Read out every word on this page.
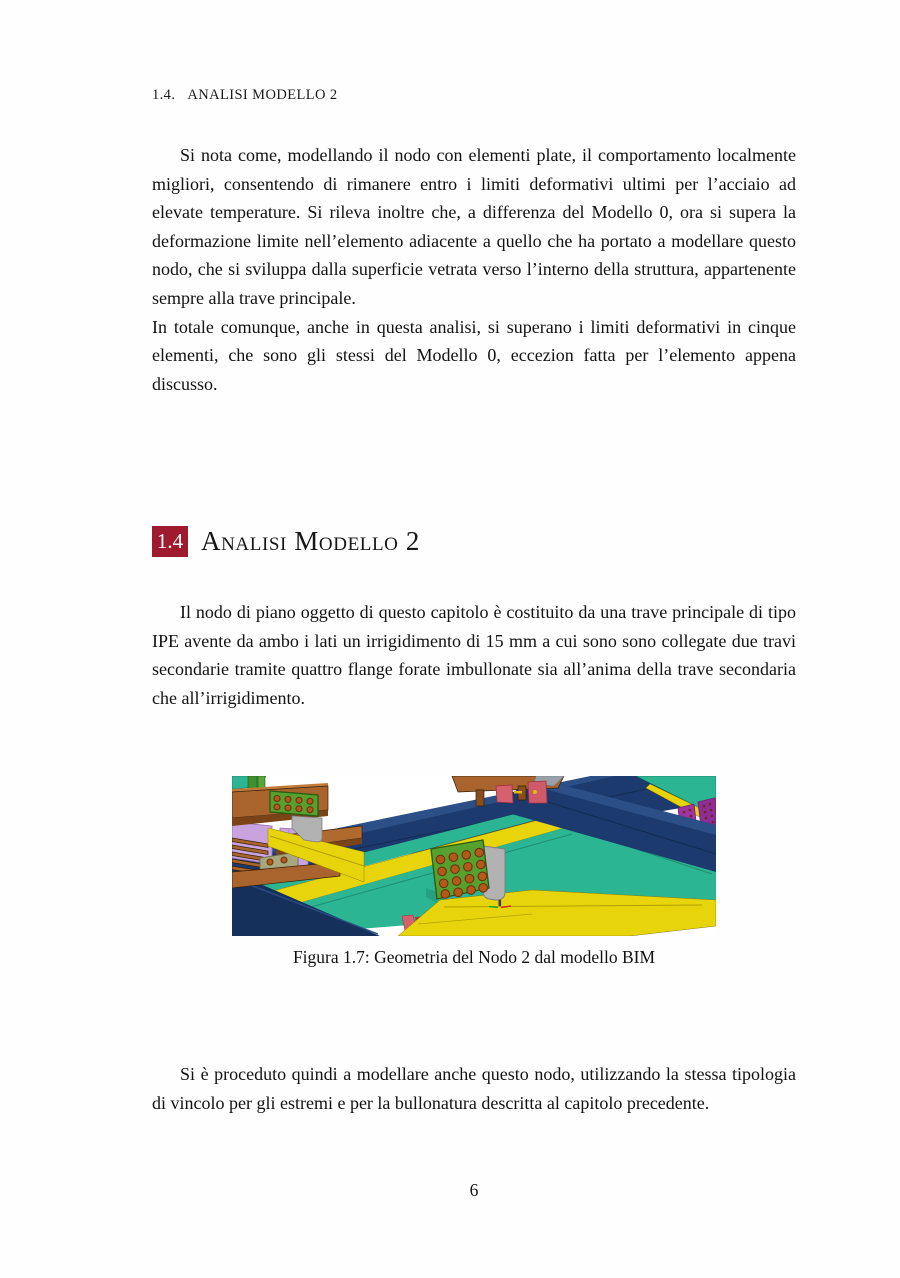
1.4. ANALISI MODELLO 2

Si nota come, modellando il nodo con elementi plate, il comportamento localmente migliori, consentendo di rimanere entro i limiti deformativi ultimi per l’acciaio ad elevate temperature. Si rileva inoltre che, a differenza del Modello 0, ora si supera la deformazione limite nell’elemento adiacente a quello che ha portato a modellare questo nodo, che si sviluppa dalla superficie vetrata verso l’interno della struttura, appartenente sempre alla trave principale.

In totale comunque, anche in questa analisi, si superano i limiti deformativi in cinque elementi, che sono gli stessi del Modello 0, eccezion fatta per l’elemento appena discusso.

1.4 Analisi Modello 2

Il nodo di piano oggetto di questo capitolo è costituito da una trave principale di tipo IPE avente da ambo i lati un irrigidimento di 15 mm a cui sono sono collegate due travi secondarie tramite quattro flange forate imbullonate sia all’anima della trave secondaria che all’irrigidimento.

Figura 1.7: Geometria del Nodo 2 dal modello BIM

Si è proceduto quindi a modellare anche questo nodo, utilizzando la stessa tipologia di vincolo per gli estremi e per la bullonatura descritta al capitolo precedente.

6
